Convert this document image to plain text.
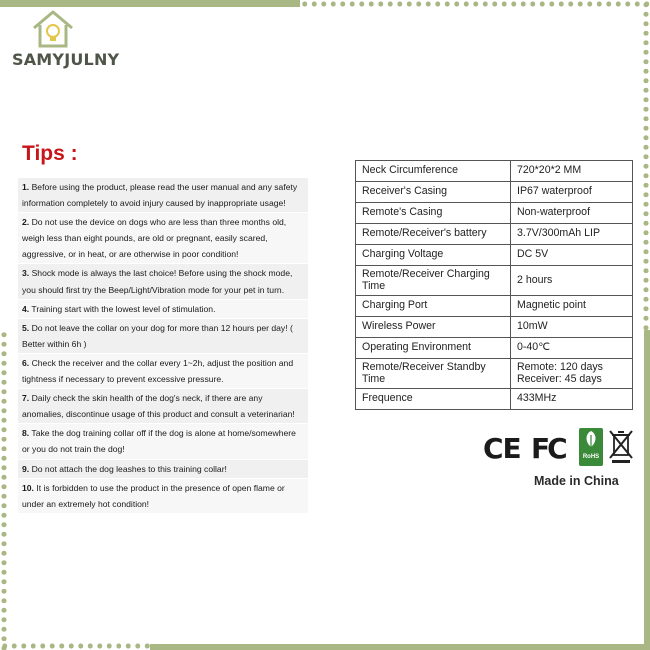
SAMYJULNY
Tips :
1. Before using the product, please read the user manual and any safety information completely to avoid injury caused by inappropriate usage!
2. Do not use the device on dogs who are less than three months old, weigh less than eight pounds, are old or pregnant, easily scared, aggressive, or in heat, or are otherwise in poor condition!
3. Shock mode is always the last choice! Before using the shock mode, you should first try the Beep/Light/Vibration mode for your pet in turn.
4. Training start with the lowest level of stimulation.
5. Do not leave the collar on your dog for more than 12 hours per day! ( Better within 6h )
6. Check the receiver and the collar every 1~2h, adjust the position and tightness if necessary to prevent excessive pressure.
7. Daily check the skin health of the dog's neck, if there are any anomalies, discontinue usage of this product and consult a veterinarian!
8. Take the dog training collar off if the dog is alone at home/somewhere or you do not train the dog!
9. Do not attach the dog leashes to this training collar!
10. It is forbidden to use the product in the presence of open flame or under an extremely hot condition!
Neck Circumference	720*20*2 MM
Receiver's Casing	IP67 waterproof
Remote's Casing	Non-waterproof
Remote/Receiver's battery	3.7V/300mAh LIP
Charging Voltage	DC 5V
Remote/Receiver Charging Time	2 hours
Charging Port	Magnetic point
Wireless Power	10mW
Operating Environment	0-40℃
Remote/Receiver Standby Time	Remote: 120 days Receiver: 45 days
Frequence	433MHz
CE FC	RoHS
Made in China
